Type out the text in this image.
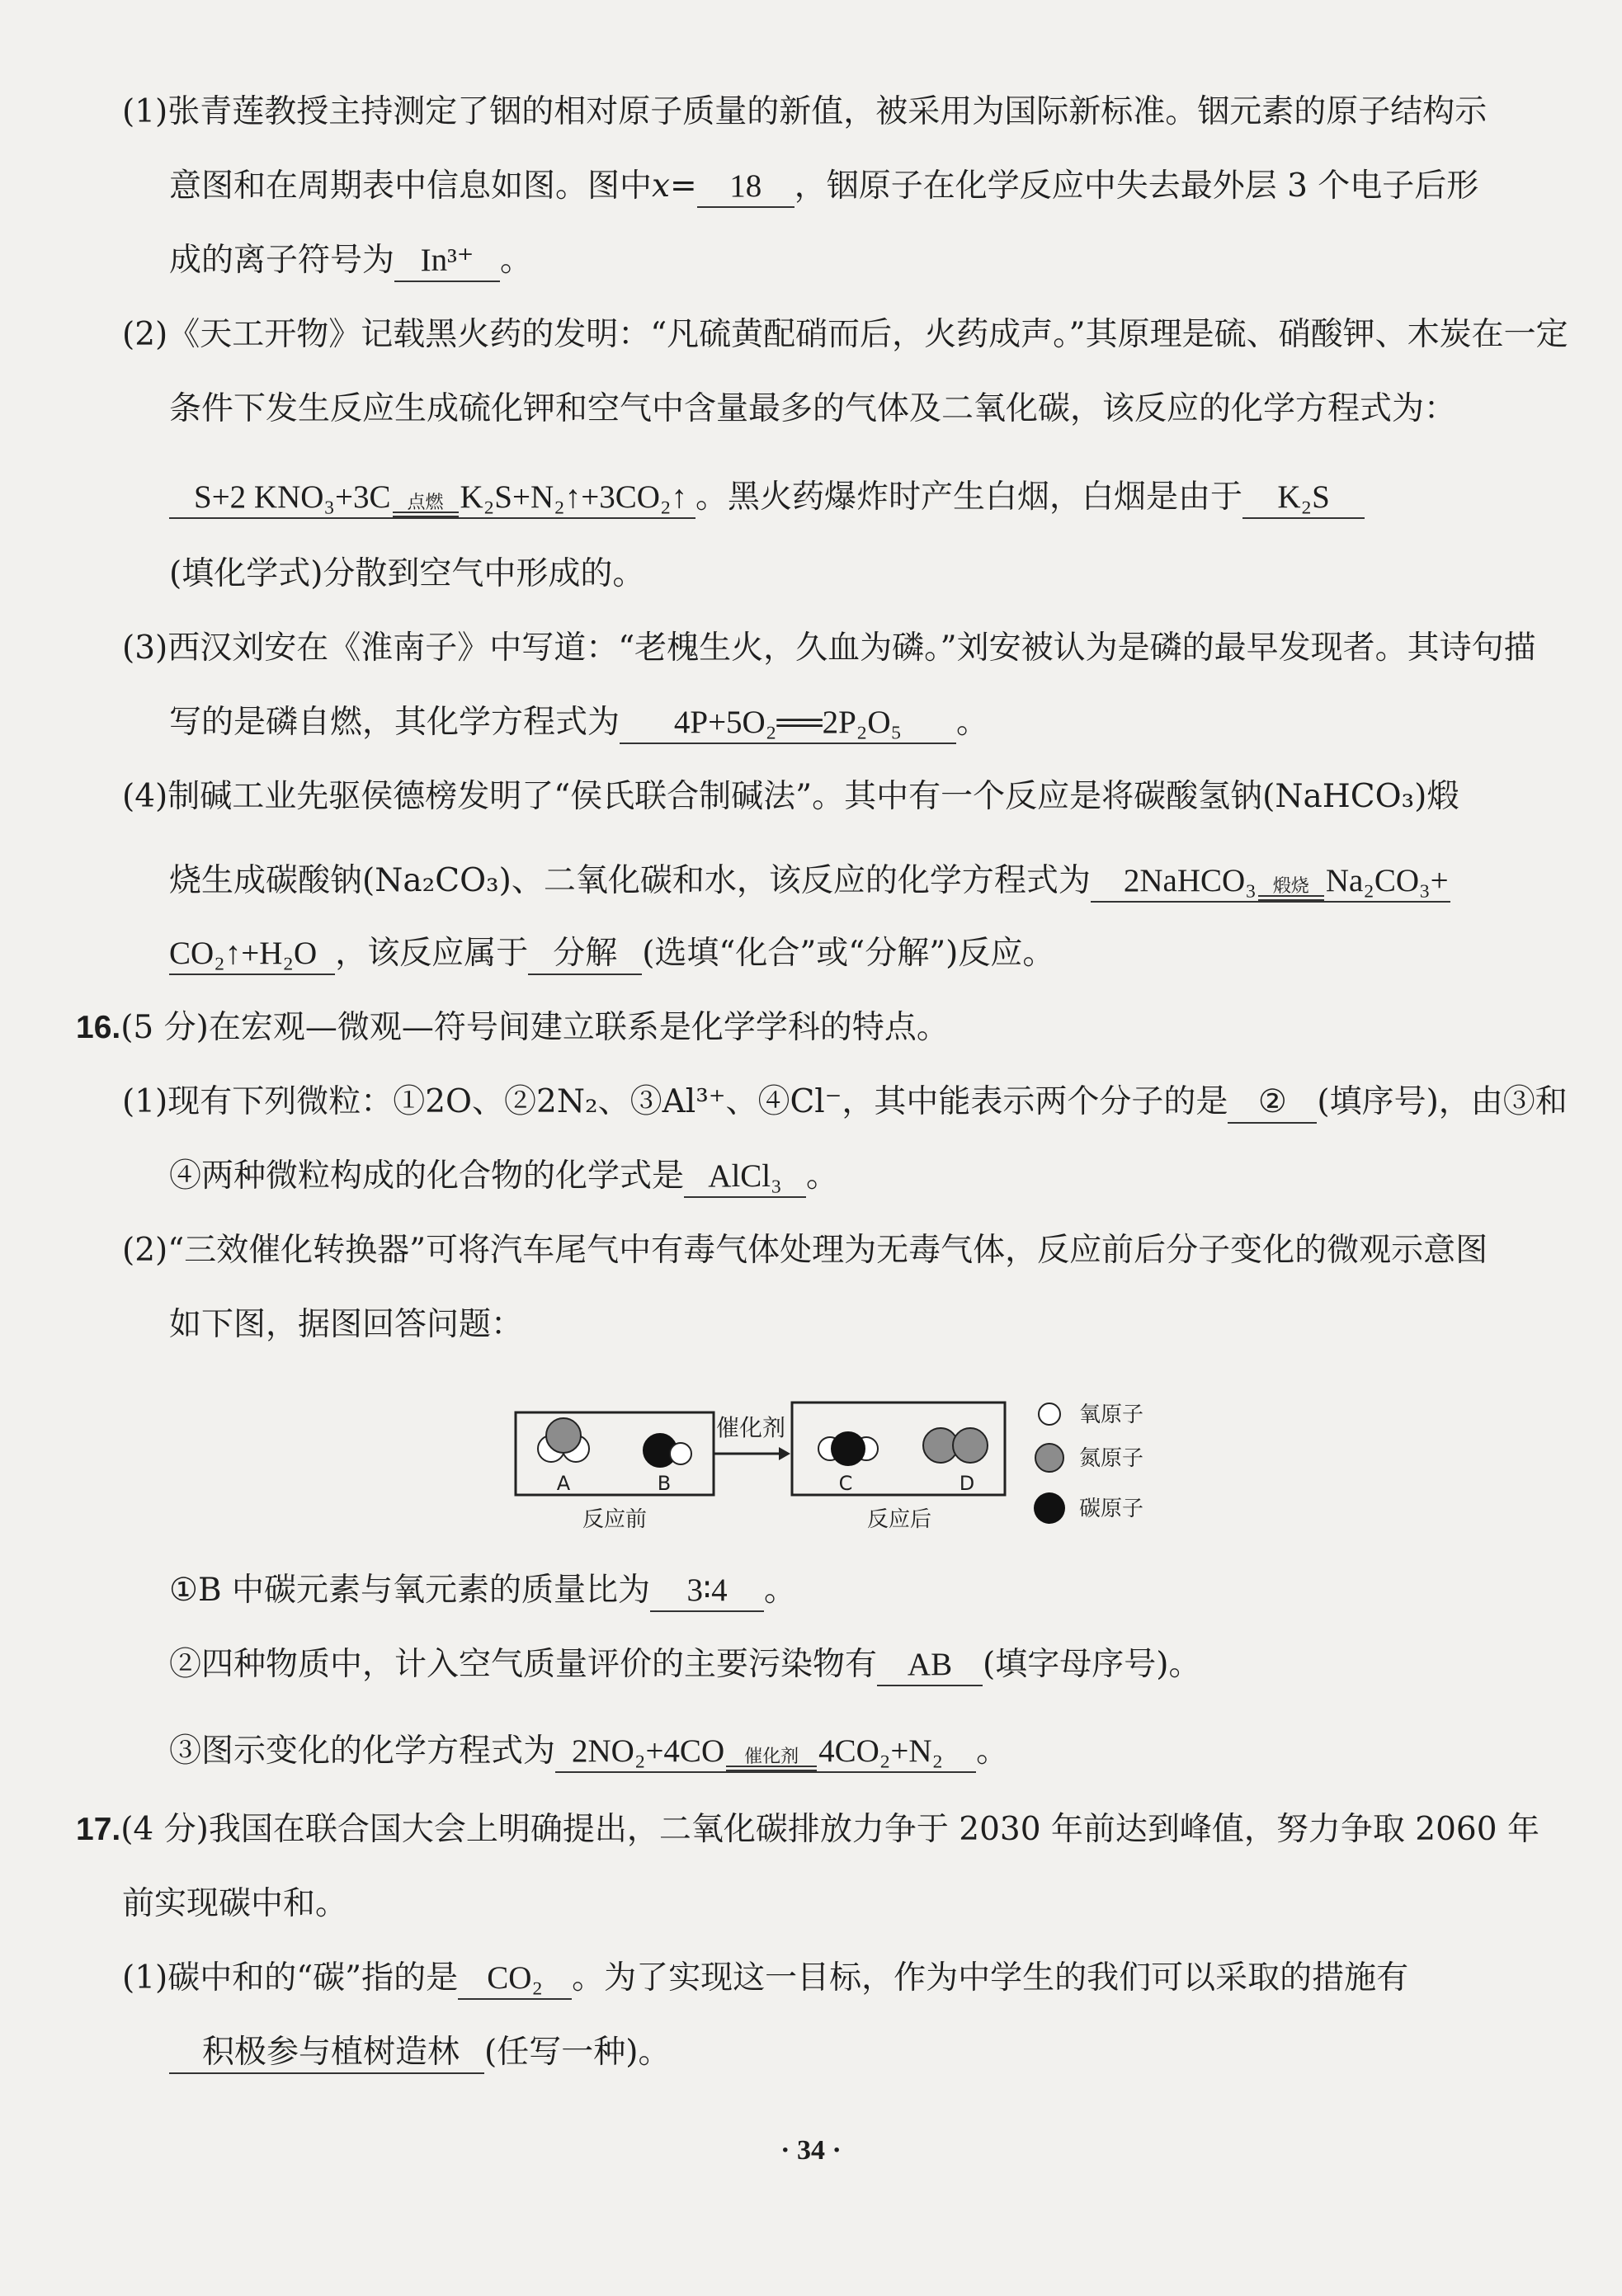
(1)张青莲教授主持测定了铟的相对原子质量的新值，被采用为国际新标准。铟元素的原子结构示
意图和在周期表中信息如图。图中x= 18 ，铟原子在化学反应中失去最外层 3 个电子后形
成的离子符号为 In³⁺ 。
(2)《天工开物》记载黑火药的发明：“凡硫黄配硝而后，火药成声。”其原理是硫、硝酸钾、木炭在一定
条件下发生反应生成硫化钾和空气中含量最多的气体及二氧化碳，该反应的化学方程式为：
S+2 KNO₃+3C 点燃 K₂S+N₂↑+3CO₂↑ 。黑火药爆炸时产生白烟，白烟是由于 K₂S
(填化学式)分散到空气中形成的。
(3)西汉刘安在《淮南子》中写道：“老槐生火，久血为磷。”刘安被认为是磷的最早发现者。其诗句描
写的是磷自燃，其化学方程式为 4P+5O₂══2P₂O₅ 。
(4)制碱工业先驱侯德榜发明了“侯氏联合制碱法”。其中有一个反应是将碳酸氢钠(NaHCO₃)煅
烧生成碳酸钠(Na₂CO₃)、二氧化碳和水，该反应的化学方程式为 2NaHCO₃ 煅烧 Na₂CO₃+
CO₂↑+H₂O ，该反应属于 分解 (选填“化合”或“分解”)反应。
16.(5 分)在宏观—微观—符号间建立联系是化学学科的特点。
(1)现有下列微粒：①2O、②2N₂、③Al³⁺、④Cl⁻，其中能表示两个分子的是 ② (填序号)，由③和
④两种微粒构成的化合物的化学式是 AlCl₃ 。
(2)“三效催化转换器”可将汽车尾气中有毒气体处理为无毒气体，反应前后分子变化的微观示意图
如下图，据图回答问题：
A	B
反应前
催化剂
C	D
反应后
氧原子
氮原子
碳原子
①B 中碳元素与氧元素的质量比为 3∶4 。
②四种物质中，计入空气质量评价的主要污染物有 AB (填字母序号)。
③图示变化的化学方程式为 2NO₂+4CO	催化剂 4CO₂+N₂ 。
17.(4 分)我国在联合国大会上明确提出，二氧化碳排放力争于 2030 年前达到峰值，努力争取 2060 年
前实现碳中和。
(1)碳中和的“碳”指的是 CO₂ 。为了实现这一目标，作为中学生的我们可以采取的措施有
积极参与植树造林 (任写一种)。
· 34 ·
